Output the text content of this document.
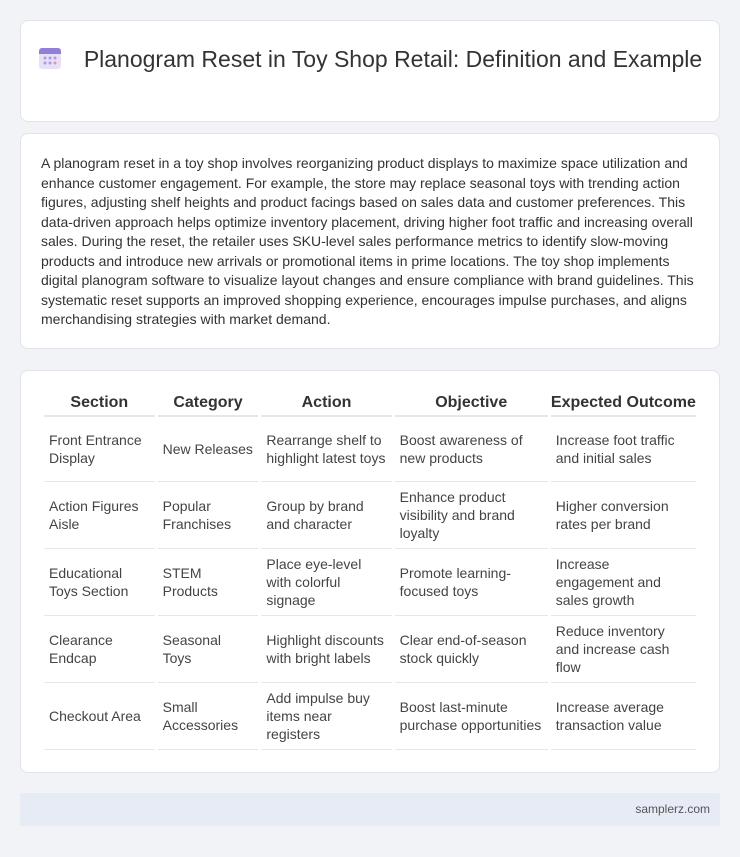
Planogram Reset in Toy Shop Retail: Definition and Example

A planogram reset in a toy shop involves reorganizing product displays to maximize space utilization and enhance customer engagement. For example, the store may replace seasonal toys with trending action figures, adjusting shelf heights and product facings based on sales data and customer preferences. This data-driven approach helps optimize inventory placement, driving higher foot traffic and increasing overall sales. During the reset, the retailer uses SKU-level sales performance metrics to identify slow-moving products and introduce new arrivals or promotional items in prime locations. The toy shop implements digital planogram software to visualize layout changes and ensure compliance with brand guidelines. This systematic reset supports an improved shopping experience, encourages impulse purchases, and aligns merchandising strategies with market demand.

Section	Category	Action	Objective	Expected Outcome
Front Entrance Display	New Releases	Rearrange shelf to highlight latest toys	Boost awareness of new products	Increase foot traffic and initial sales
Action Figures Aisle	Popular Franchises	Group by brand and character	Enhance product visibility and brand loyalty	Higher conversion rates per brand
Educational Toys Section	STEM Products	Place eye-level with colorful signage	Promote learning-focused toys	Increase engagement and sales growth
Clearance Endcap	Seasonal Toys	Highlight discounts with bright labels	Clear end-of-season stock quickly	Reduce inventory and increase cash flow
Checkout Area	Small Accessories	Add impulse buy items near registers	Boost last-minute purchase opportunities	Increase average transaction value
samplerz.com
